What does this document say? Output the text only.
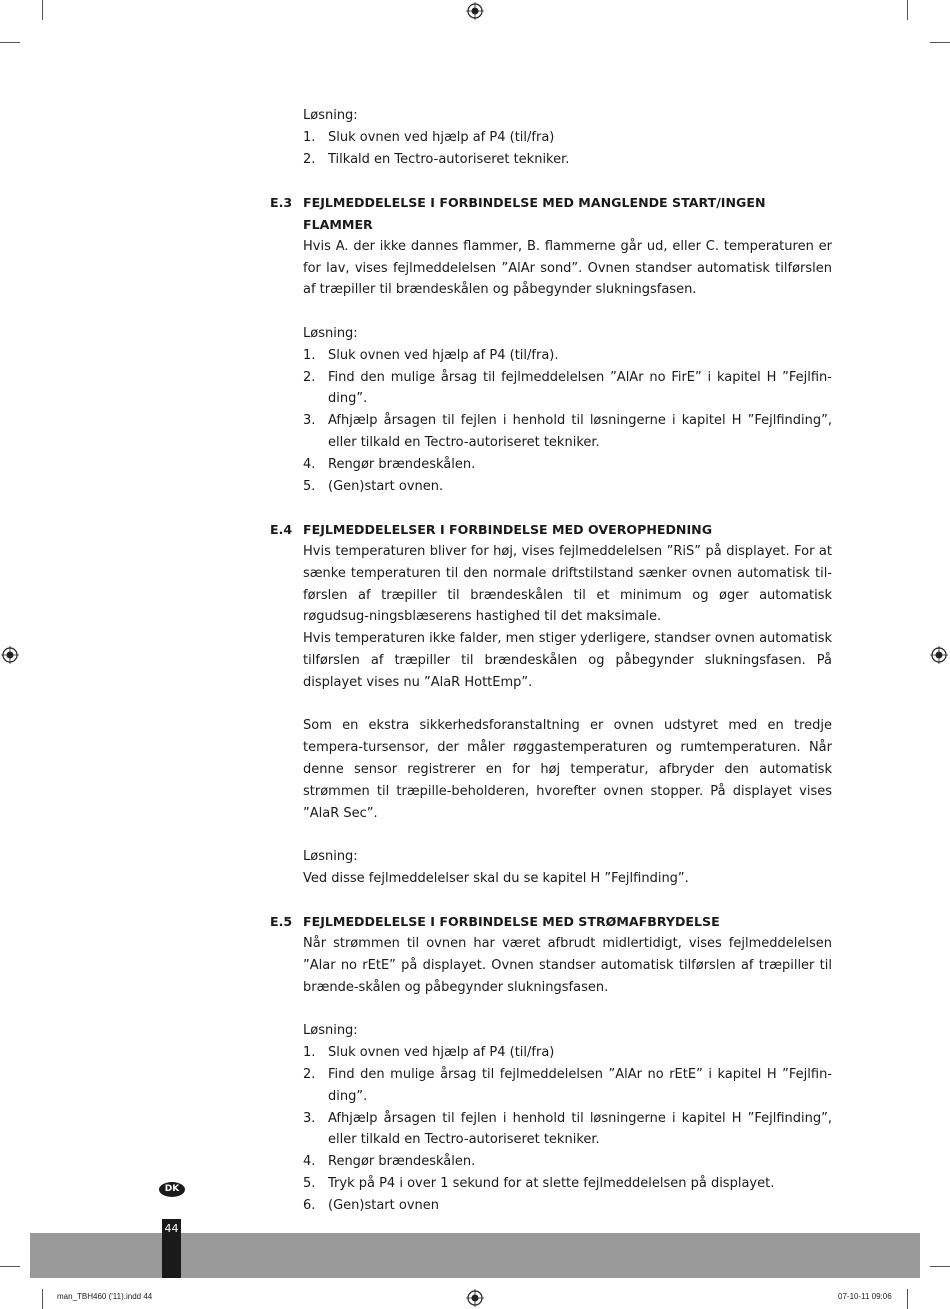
Løsning:

1. Sluk ovnen ved hjælp af P4 (til/fra)
2. Tilkald en Tectro-autoriseret tekniker.
E.3 FEJLMEDDELELSE I FORBINDELSE MED MANGLENDE START/INGEN FLAMMER

Hvis A. der ikke dannes flammer, B. flammerne går ud, eller C. temperaturen er for lav, vises fejlmeddelelsen ”AlAr sond”. Ovnen standser automatisk tilførslen af træpiller til brændeskålen og påbegynder slukningsfasen.

Løsning:

1. Sluk ovnen ved hjælp af P4 (til/fra).
2. Find den mulige årsag til fejlmeddelelsen ”AlAr no FirE” i kapitel H ”Fejlfin-ding”.
3. Afhjælp årsagen til fejlen i henhold til løsningerne i kapitel H ”Fejlfinding”, eller tilkald en Tectro-autoriseret tekniker.
4. Rengør brændeskålen.
5. (Gen)start ovnen.
E.4 FEJLMEDDELELSER I FORBINDELSE MED OVEROPHEDNING

Hvis temperaturen bliver for høj, vises fejlmeddelelsen ”RiS” på displayet. For at sænke temperaturen til den normale driftstilstand sænker ovnen automatisk til-førslen af træpiller til brændeskålen til et minimum og øger automatisk røgudsug-ningsblæserens hastighed til det maksimale.

Hvis temperaturen ikke falder, men stiger yderligere, standser ovnen automatisk tilførslen af træpiller til brændeskålen og påbegynder slukningsfasen. På displayet vises nu ”AlaR HottEmp”.

Som en ekstra sikkerhedsforanstaltning er ovnen udstyret med en tredje tempera-tursensor, der måler røggastemperaturen og rumtemperaturen. Når denne sensor registrerer en for høj temperatur, afbryder den automatisk strømmen til træpille-beholderen, hvorefter ovnen stopper. På displayet vises ”AlaR Sec”.

Løsning:

Ved disse fejlmeddelelser skal du se kapitel H ”Fejlfinding”.

E.5 FEJLMEDDELELSE I FORBINDELSE MED STRØMAFBRYDELSE

Når strømmen til ovnen har været afbrudt midlertidigt, vises fejlmeddelelsen ”Alar no rEtE” på displayet. Ovnen standser automatisk tilførslen af træpiller til brænde-skålen og påbegynder slukningsfasen.

Løsning:

1. Sluk ovnen ved hjælp af P4 (til/fra)
2. Find den mulige årsag til fejlmeddelelsen ”AlAr no rEtE” i kapitel H ”Fejlfin-ding”.
3. Afhjælp årsagen til fejlen i henhold til løsningerne i kapitel H ”Fejlfinding”, eller tilkald en Tectro-autoriseret tekniker.
4. Rengør brændeskålen.
5. Tryk på P4 i over 1 sekund for at slette fejlmeddelelsen på displayet.
6. (Gen)start ovnen
DK
44
man_TBH460 ('11).indd 44	07-10-11 09:06
